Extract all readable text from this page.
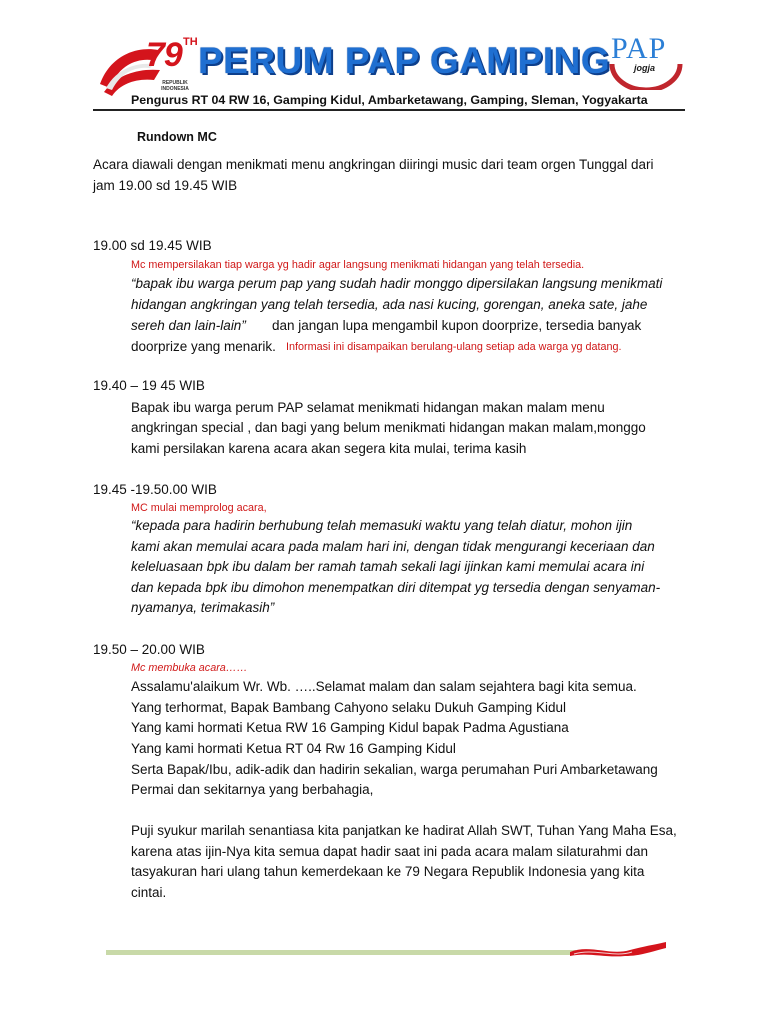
79 TH
REPUBLIK INDONESIA
PERUM PAP GAMPING PAP
jogja
Pengurus RT 04 RW 16, Gamping Kidul, Ambarketawang, Gamping, Sleman, Yogyakarta
Rundown MC
Acara diawali dengan menikmati menu angkringan diiringi music dari team orgen Tunggal dari
jam 19.00 sd 19.45 WIB
19.00 sd 19.45 WIB
Mc mempersilakan tiap warga yg hadir agar langsung menikmati hidangan yang telah tersedia.
“bapak ibu warga perum pap yang sudah hadir monggo dipersilakan langsung menikmati
hidangan angkringan yang telah tersedia, ada nasi kucing, gorengan, aneka sate, jahe
sereh dan lain-lain” dan jangan lupa mengambil kupon doorprize, tersedia banyak
doorprize yang menarik. Informasi ini disampaikan berulang-ulang setiap ada warga yg datang.
19.40 – 19 45 WIB
Bapak ibu warga perum PAP selamat menikmati hidangan makan malam menu
angkringan special , dan bagi yang belum menikmati hidangan makan malam,monggo
kami persilakan karena acara akan segera kita mulai, terima kasih
19.45 -19.50.00 WIB
MC mulai memprolog acara,
“kepada para hadirin berhubung telah memasuki waktu yang telah diatur, mohon ijin
kami akan memulai acara pada malam hari ini, dengan tidak mengurangi keceriaan dan
keleluasaan bpk ibu dalam ber ramah tamah sekali lagi ijinkan kami memulai acara ini
dan kepada bpk ibu dimohon menempatkan diri ditempat yg tersedia dengan senyaman-
nyamanya, terimakasih”
19.50 – 20.00 WIB
Mc membuka acara……
Assalamu'alaikum Wr. Wb. …..Selamat malam dan salam sejahtera bagi kita semua.
Yang terhormat, Bapak Bambang Cahyono selaku Dukuh Gamping Kidul
Yang kami hormati Ketua RW 16 Gamping Kidul bapak Padma Agustiana
Yang kami hormati Ketua RT 04 Rw 16 Gamping Kidul
Serta Bapak/Ibu, adik-adik dan hadirin sekalian, warga perumahan Puri Ambarketawang
Permai dan sekitarnya yang berbahagia,
Puji syukur marilah senantiasa kita panjatkan ke hadirat Allah SWT, Tuhan Yang Maha Esa,
karena atas ijin-Nya kita semua dapat hadir saat ini pada acara malam silaturahmi dan
tasyakuran hari ulang tahun kemerdekaan ke 79 Negara Republik Indonesia yang kita
cintai.
